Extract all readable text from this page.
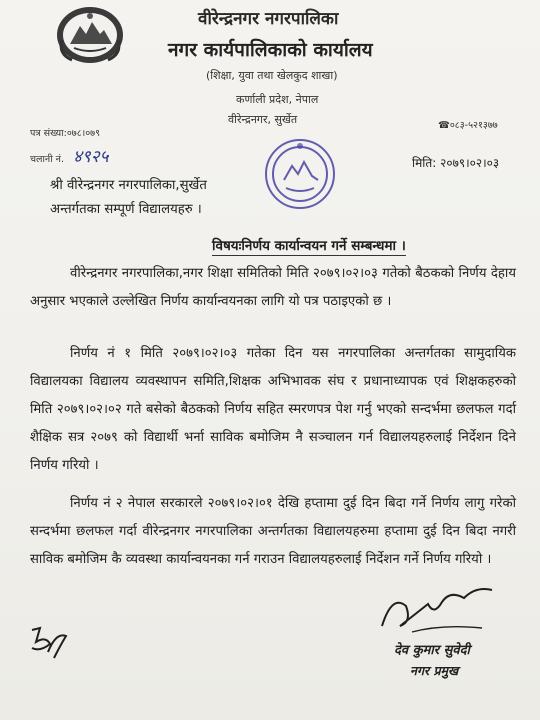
वीरेन्द्रनगर नगरपालिका
नगर कार्यपालिकाको कार्यालय
(शिक्षा, युवा तथा खेलकुद शाखा)
कर्णाली प्रदेश, नेपाल
वीरेन्द्रनगर, सुर्खेत	☎०८३-५२१३७७
पत्र संख्या:०७८।०७९
चलानी नं. ४९२५	मिति: २०७९।०२।०३
श्री वीरेन्द्रनगर नगरपालिका,सुर्खेत
अन्तर्गतका सम्पूर्ण विद्यालयहरु ।
विषयःनिर्णय कार्यान्वयन गर्ने सम्बन्धमा ।
वीरेन्द्रनगर नगरपालिका,नगर शिक्षा समितिको मिति २०७९।०२।०३ गतेको बैठकको निर्णय देहाय अनुसार भएकाले उल्लेखित निर्णय कार्यान्वयनका लागि यो पत्र पठाइएको छ ।
निर्णय नं १ मिति २०७९।०२।०३ गतेका दिन यस नगरपालिका अन्तर्गतका सामुदायिक विद्यालयका विद्यालय व्यवस्थापन समिति,शिक्षक अभिभावक संघ र प्रधानाध्यापक एवं शिक्षकहरुको मिति २०७९।०२।०२ गते बसेको बैठकको निर्णय सहित स्मरणपत्र पेश गर्नु भएको सन्दर्भमा छलफल गर्दा शैक्षिक सत्र २०७९ को विद्यार्थी भर्ना साविक बमोजिम नै सञ्चालन गर्न विद्यालयहरुलाई निर्देशन दिने निर्णय गरियो ।
निर्णय नं २ नेपाल सरकारले २०७९।०२।०१ देखि हप्तामा दुई दिन बिदा गर्ने निर्णय लागु गरेको सन्दर्भमा छलफल गर्दा वीरेन्द्रनगर नगरपालिका अन्तर्गतका विद्यालयहरुमा हप्तामा दुई दिन बिदा नगरी साविक बमोजिम कै व्यवस्था कार्यान्वयनका गर्न गराउन विद्यालयहरुलाई निर्देशन गर्ने निर्णय गरियो ।
देव कुमार सुवेदी
नगर प्रमुख
